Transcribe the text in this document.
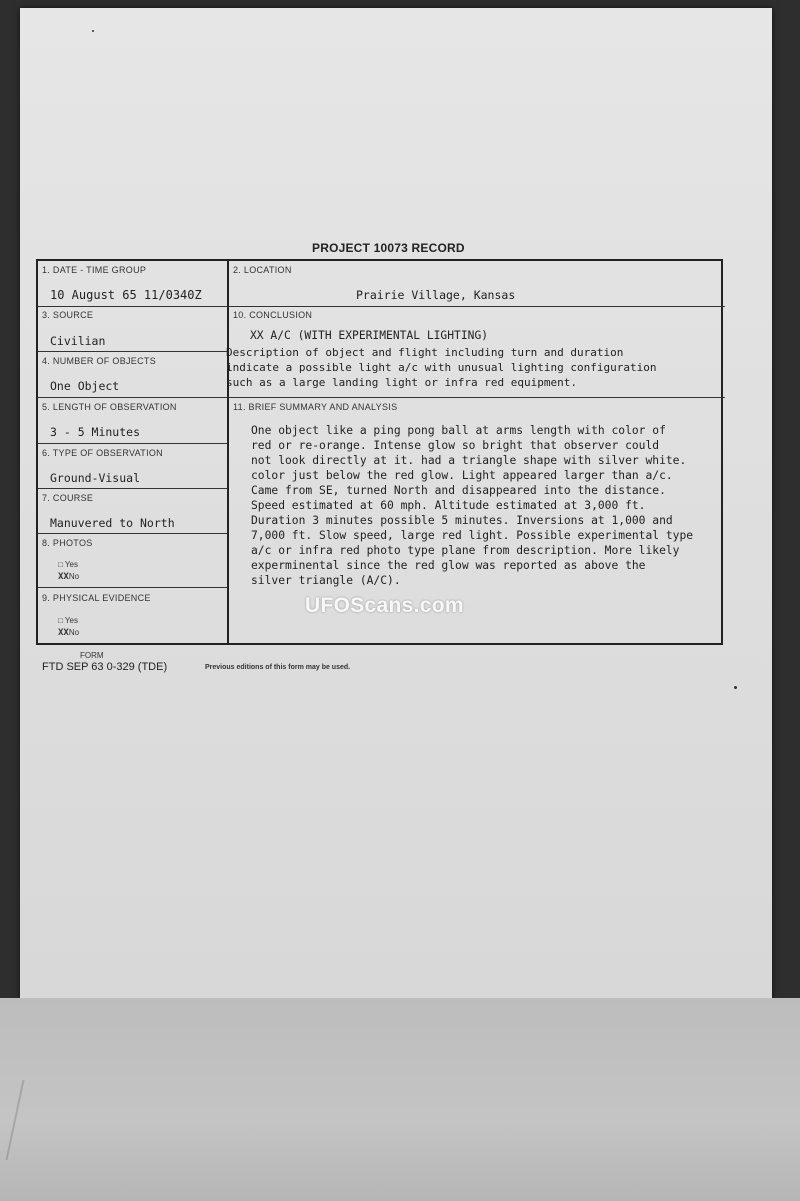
PROJECT 10073 RECORD
1. DATE - TIME GROUP
10 August 65 11/0340Z
2. LOCATION
Prairie Village, Kansas
3. SOURCE
Civilian
10. CONCLUSION
XX A/C (WITH EXPERIMENTAL LIGHTING)
Description of object and flight including turn and duration
indicate a possible light a/c with unusual lighting configuration
such as a large landing light or infra red equipment.
4. NUMBER OF OBJECTS
One Object
5. LENGTH OF OBSERVATION
3 - 5 Minutes
11. BRIEF SUMMARY AND ANALYSIS
One object like a ping pong ball at arms length with color of
red or re-orange. Intense glow so bright that observer could
not look directly at it. had a triangle shape with silver white.
color just below the red glow. Light appeared larger than a/c.
Came from SE, turned North and disappeared into the distance.
Speed estimated at 60 mph. Altitude estimated at 3,000 ft.
Duration 3 minutes possible 5 minutes. Inversions at 1,000 and
7,000 ft. Slow speed, large red light. Possible experimental type
a/c or infra red photo type plane from description. More likely
experminental since the red glow was reported as above the
silver triangle (A/C).
6. TYPE OF OBSERVATION
Ground-Visual
7. COURSE
Manuvered to North
8. PHOTOS
□ Yes
XXNo
9. PHYSICAL EVIDENCE
□ Yes
XXNo
FORM
FTD SEP 63 0-329 (TDE)	Previous editions of this form may be used.
UFOScans.com
